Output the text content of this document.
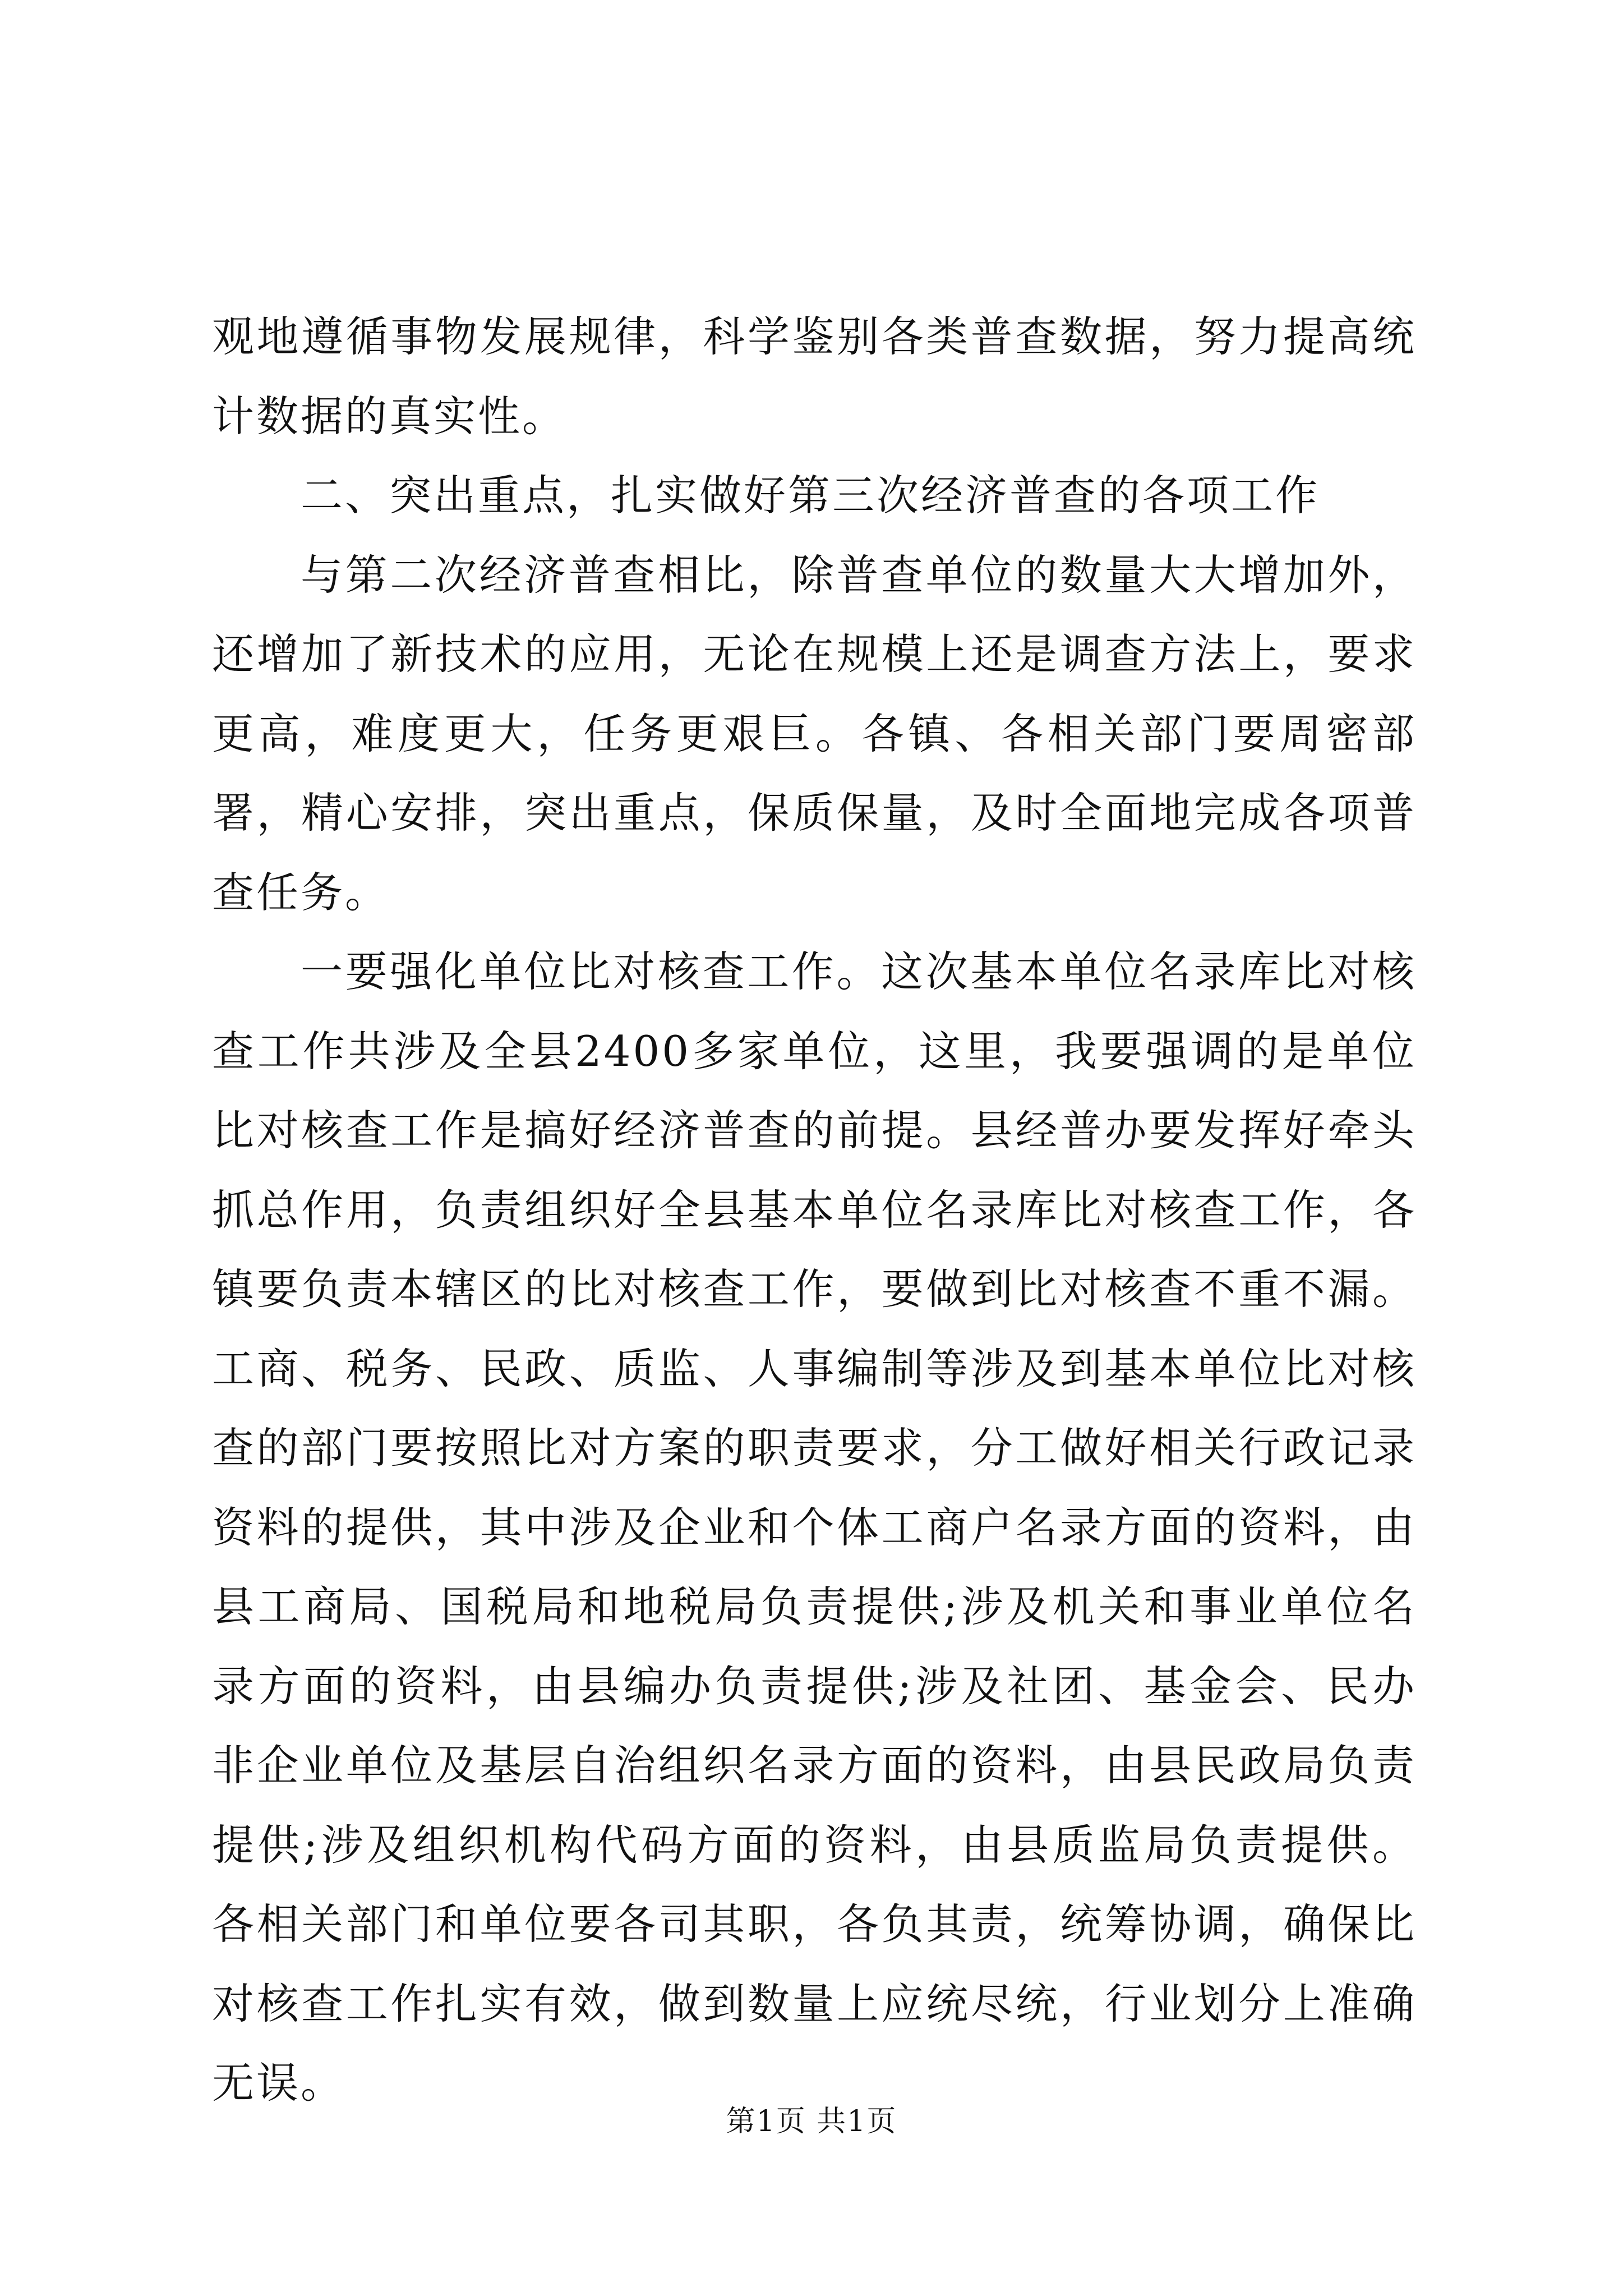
观地遵循事物发展规律，科学鉴别各类普查数据，努力提高统计数据的真实性。

二、突出重点，扎实做好第三次经济普查的各项工作

与第二次经济普查相比，除普查单位的数量大大增加外，还增加了新技术的应用，无论在规模上还是调查方法上，要求更高，难度更大，任务更艰巨。各镇、各相关部门要周密部署，精心安排，突出重点，保质保量，及时全面地完成各项普查任务。

一要强化单位比对核查工作。这次基本单位名录库比对核查工作共涉及全县2400多家单位，这里，我要强调的是单位比对核查工作是搞好经济普查的前提。县经普办要发挥好牵头抓总作用，负责组织好全县基本单位名录库比对核查工作，各镇要负责本辖区的比对核查工作，要做到比对核查不重不漏。工商、税务、民政、质监、人事编制等涉及到基本单位比对核查的部门要按照比对方案的职责要求，分工做好相关行政记录资料的提供，其中涉及企业和个体工商户名录方面的资料，由县工商局、国税局和地税局负责提供;涉及机关和事业单位名录方面的资料，由县编办负责提供;涉及社团、基金会、民办非企业单位及基层自治组织名录方面的资料，由县民政局负责提供;涉及组织机构代码方面的资料，由县质监局负责提供。各相关部门和单位要各司其职，各负其责，统筹协调，确保比对核查工作扎实有效，做到数量上应统尽统，行业划分上准确无误。

第1页 共1页
